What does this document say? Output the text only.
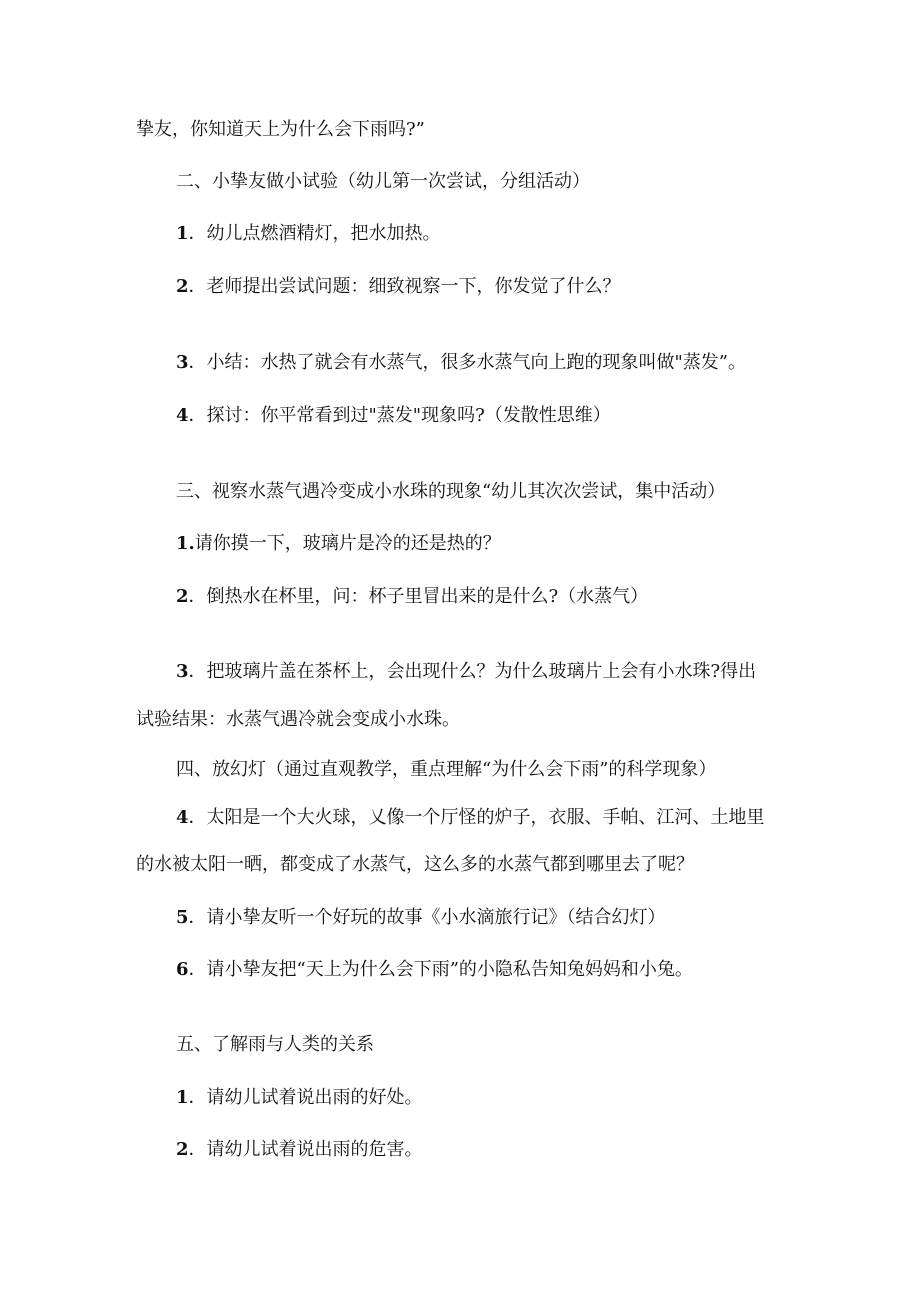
挚友，你知道天上为什么会下雨吗?”
二、小挚友做小试验（幼儿第一次尝试，分组活动）
1．幼儿点燃酒精灯，把水加热。
2．老师提出尝试问题：细致视察一下，你发觉了什么？
3．小结：水热了就会有水蒸气，很多水蒸气向上跑的现象叫做"蒸发”。
4．探讨：你平常看到过"蒸发"现象吗?（发散性思维）
三、视察水蒸气遇冷变成小水珠的现象“幼儿其次次尝试，集中活动）
1.请你摸一下，玻璃片是冷的还是热的？
2．倒热水在杯里，问：杯子里冒出来的是什么?（水蒸气）
3．把玻璃片盖在茶杯上，会出现什么？为什么玻璃片上会有小水珠?得出
试验结果：水蒸气遇冷就会变成小水珠。
四、放幻灯（通过直观教学，重点理解“为什么会下雨”的科学现象）
4．太阳是一个大火球，乂像一个厅怪的炉子，衣服、手帕、江河、土地里
的水被太阳一晒，都变成了水蒸气，这么多的水蒸气都到哪里去了呢？
5．请小挚友听一个好玩的故事《小水滴旅行记》（结合幻灯）
6．请小挚友把“天上为什么会下雨”的小隐私告知兔妈妈和小兔。
五、了解雨与人类的关系
1．请幼儿试着说出雨的好处。
2．请幼儿试着说出雨的危害。
